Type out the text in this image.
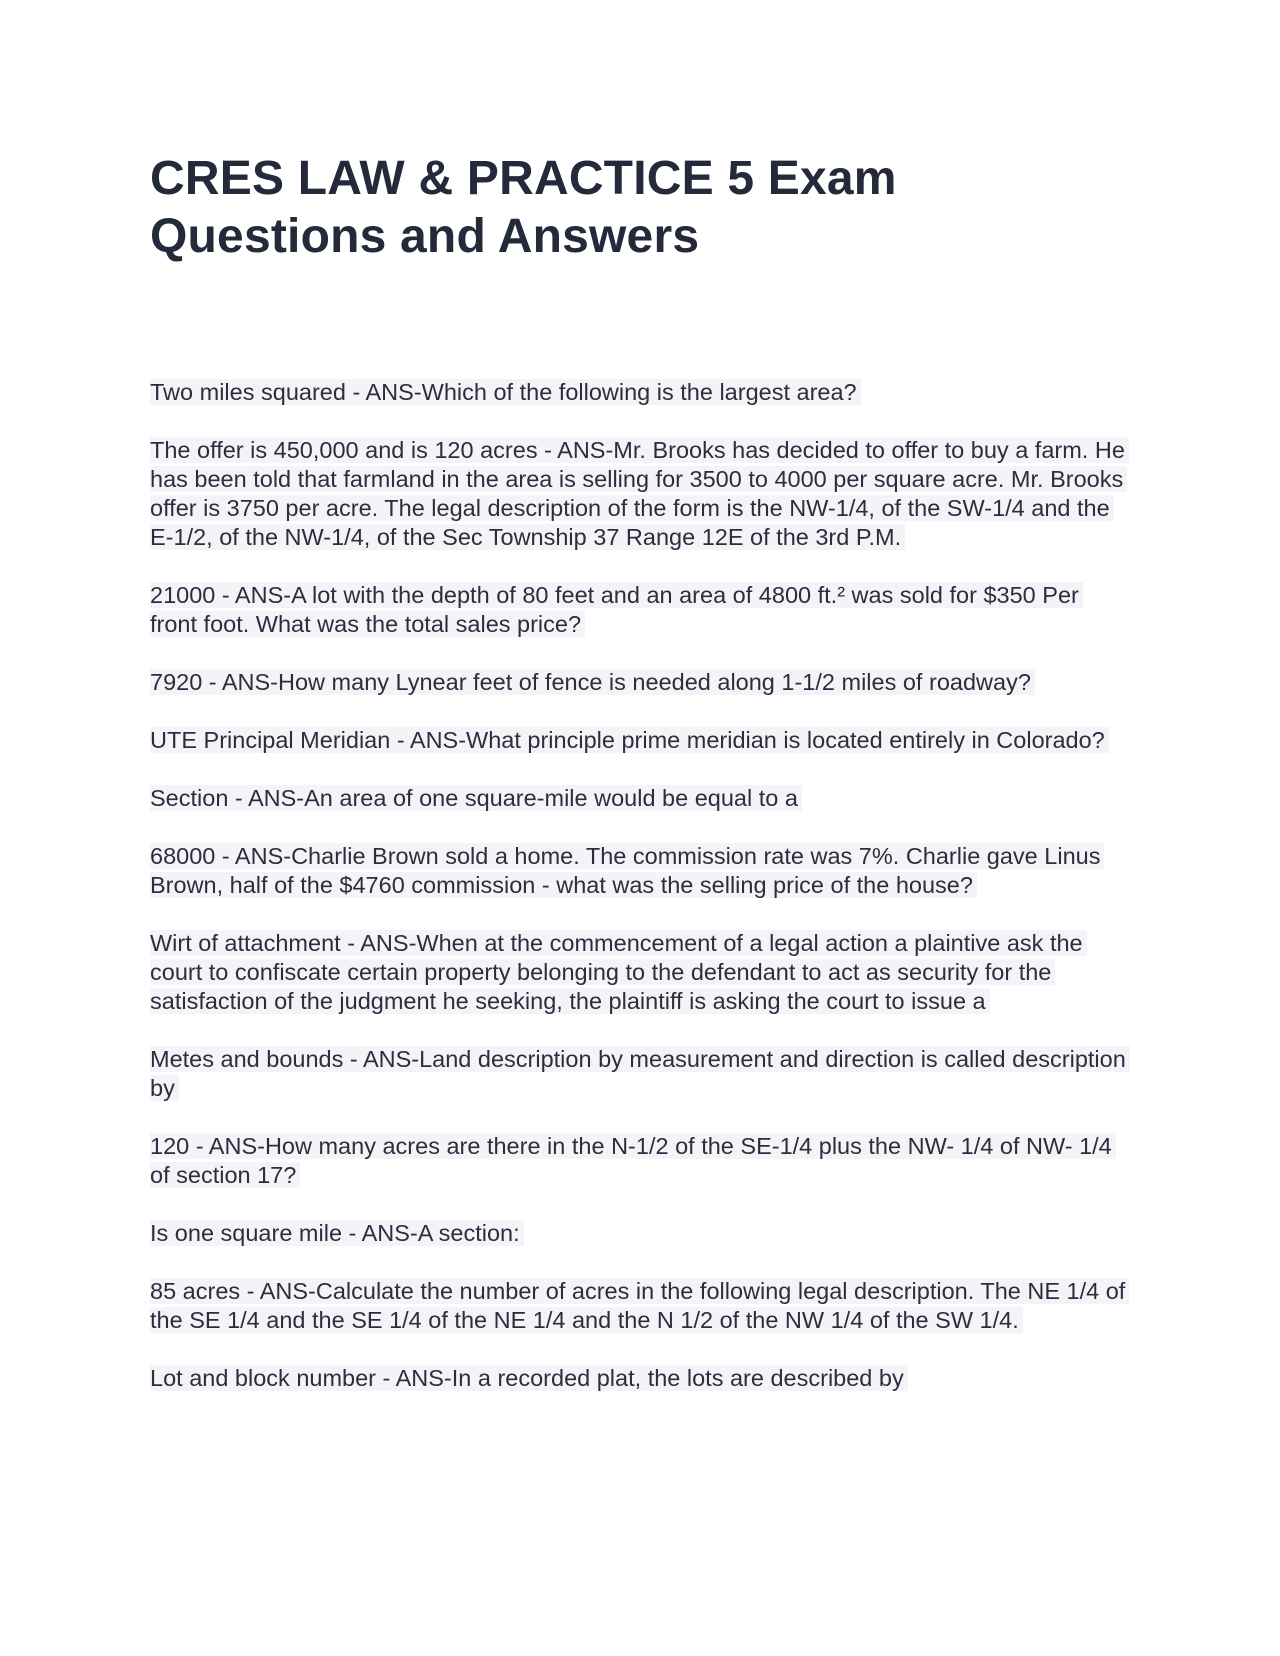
CRES LAW & PRACTICE 5 Exam Questions and Answers

Two miles squared - ANS-Which of the following is the largest area?

The offer is 450,000 and is 120 acres - ANS-Mr. Brooks has decided to offer to buy a farm. He has been told that farmland in the area is selling for 3500 to 4000 per square acre. Mr. Brooks offer is 3750 per acre. The legal description of the form is the NW-1/4, of the SW-1/4 and the E-1/2, of the NW-1/4, of the Sec Township 37 Range 12E of the 3rd P.M.

21000 - ANS-A lot with the depth of 80 feet and an area of 4800 ft.² was sold for $350 Per front foot. What was the total sales price?

7920 - ANS-How many Lynear feet of fence is needed along 1-1/2 miles of roadway?

UTE Principal Meridian - ANS-What principle prime meridian is located entirely in Colorado?

Section - ANS-An area of one square-mile would be equal to a

68000 - ANS-Charlie Brown sold a home. The commission rate was 7%. Charlie gave Linus Brown, half of the $4760 commission - what was the selling price of the house?

Wirt of attachment - ANS-When at the commencement of a legal action a plaintive ask the court to confiscate certain property belonging to the defendant to act as security for the satisfaction of the judgment he seeking, the plaintiff is asking the court to issue a

Metes and bounds - ANS-Land description by measurement and direction is called description by

120 - ANS-How many acres are there in the N-1/2 of the SE-1/4 plus the NW- 1/4 of NW- 1/4 of section 17?

Is one square mile - ANS-A section:

85 acres - ANS-Calculate the number of acres in the following legal description. The NE 1/4 of the SE 1/4 and the SE 1/4 of the NE 1/4 and the N 1/2 of the NW 1/4 of the SW 1/4.

Lot and block number - ANS-In a recorded plat, the lots are described by
